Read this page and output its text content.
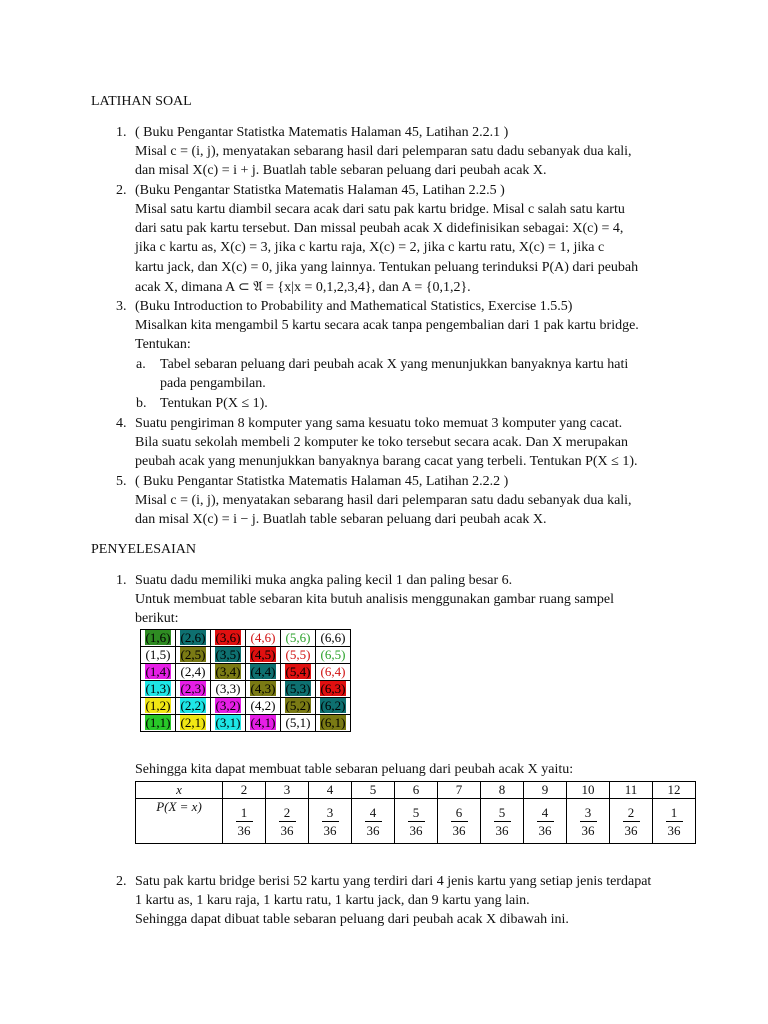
LATIHAN SOAL
1. ( Buku Pengantar Statistka Matematis Halaman 45, Latihan 2.2.1 )
Misal c = (i, j), menyatakan sebarang hasil dari pelemparan satu dadu sebanyak dua kali,
dan misal X(c) = i + j. Buatlah table sebaran peluang dari peubah acak X.
2. (Buku Pengantar Statistka Matematis Halaman 45, Latihan 2.2.5 )
Misal satu kartu diambil secara acak dari satu pak kartu bridge. Misal c salah satu kartu
dari satu pak kartu tersebut. Dan missal peubah acak X didefinisikan sebagai: X(c) = 4,
jika c kartu as, X(c) = 3, jika c kartu raja, X(c) = 2, jika c kartu ratu, X(c) = 1, jika c
kartu jack, dan X(c) = 0, jika yang lainnya. Tentukan peluang terinduksi P(A) dari peubah
acak X, dimana A ⊂ 𝔄 = {x|x = 0,1,2,3,4}, dan A = {0,1,2}.
3. (Buku Introduction to Probability and Mathematical Statistics, Exercise 1.5.5)
Misalkan kita mengambil 5 kartu secara acak tanpa pengembalian dari 1 pak kartu bridge.
Tentukan:
a. Tabel sebaran peluang dari peubah acak X yang menunjukkan banyaknya kartu hati
pada pengambilan.
b. Tentukan P(X ≤ 1).
4. Suatu pengiriman 8 komputer yang sama kesuatu toko memuat 3 komputer yang cacat.
Bila suatu sekolah membeli 2 komputer ke toko tersebut secara acak. Dan X merupakan
peubah acak yang menunjukkan banyaknya barang cacat yang terbeli. Tentukan P(X ≤ 1).
5. ( Buku Pengantar Statistka Matematis Halaman 45, Latihan 2.2.2 )
Misal c = (i, j), menyatakan sebarang hasil dari pelemparan satu dadu sebanyak dua kali,
dan misal X(c) = i − j. Buatlah table sebaran peluang dari peubah acak X.
PENYELESAIAN
1. Suatu dadu memiliki muka angka paling kecil 1 dan paling besar 6.
Untuk membuat table sebaran kita butuh analisis menggunakan gambar ruang sampel
berikut:
(1,6)	(2,6)	(3,6)	(4,6)	(5,6)	(6,6)
(1,5)	(2,5)	(3,5)	(4,5)	(5,5)	(6,5)
(1,4)	(2,4)	(3,4)	(4,4)	(5,4)	(6,4)
(1,3)	(2,3)	(3,3)	(4,3)	(5,3)	(6,3)
(1,2)	(2,2)	(3,2)	(4,2)	(5,2)	(6,2)
(1,1)	(2,1)	(3,1)	(4,1)	(5,1)	(6,1)
Sehingga kita dapat membuat table sebaran peluang dari peubah acak X yaitu:
x	2	3	4	5	6	7	8	9	10	11	12
P(X = x)	$\frac{1}{36}$	$\frac{2}{36}$	$\frac{3}{36}$	$\frac{4}{36}$	$\frac{5}{36}$	$\frac{6}{36}$	$\frac{5}{36}$	$\frac{4}{36}$	$\frac{3}{36}$	$\frac{2}{36}$	$\frac{1}{36}$
2. Satu pak kartu bridge berisi 52 kartu yang terdiri dari 4 jenis kartu yang setiap jenis terdapat
1 kartu as, 1 karu raja, 1 kartu ratu, 1 kartu jack, dan 9 kartu yang lain.
Sehingga dapat dibuat table sebaran peluang dari peubah acak X dibawah ini.
